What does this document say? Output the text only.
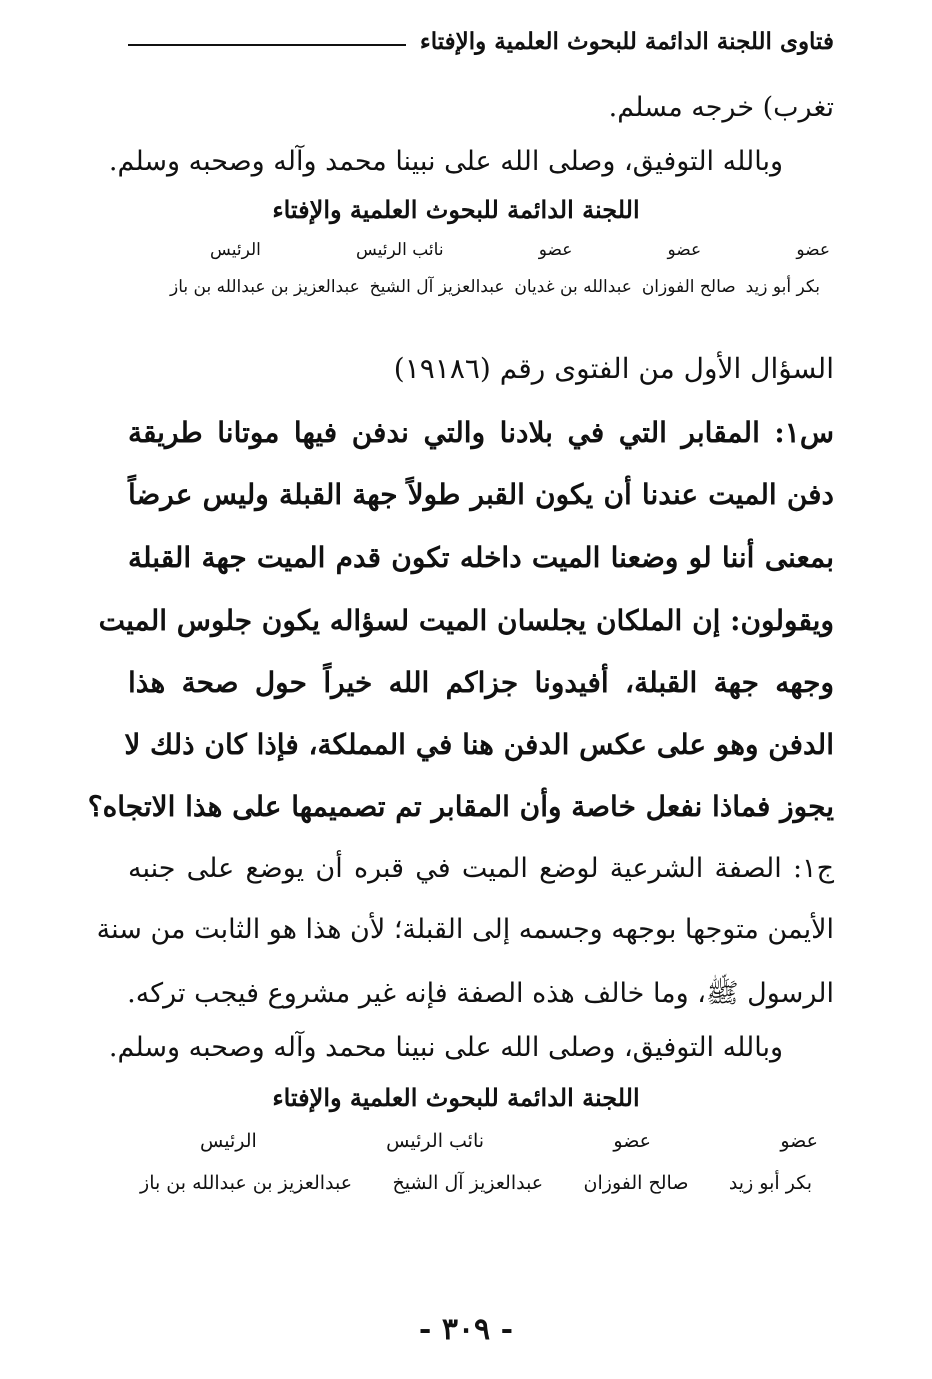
فتاوى اللجنة الدائمة للبحوث العلمية والإفتاء
تغرب) خرجه مسلم.
وبالله التوفيق، وصلى الله على نبينا محمد وآله وصحبه وسلم.
اللجنة الدائمة للبحوث العلمية والإفتاء
عضو
عضو
عضو
نائب الرئيس
الرئيس
بكر أبو زيد
صالح الفوزان
عبدالله بن غديان
عبدالعزيز آل الشيخ
عبدالعزيز بن عبدالله بن باز
السؤال الأول من الفتوى رقم (١٩١٨٦)
س١: المقابر التي في بلادنا والتي ندفن فيها موتانا طريقة
دفن الميت عندنا أن يكون القبر طولاً جهة القبلة وليس عرضاً
بمعنى أننا لو وضعنا الميت داخله تكون قدم الميت جهة القبلة
ويقولون: إن الملكان يجلسان الميت لسؤاله يكون جلوس الميت
وجهه جهة القبلة، أفيدونا جزاكم الله خيراً حول صحة هذا
الدفن وهو على عكس الدفن هنا في المملكة، فإذا كان ذلك لا
يجوز فماذا نفعل خاصة وأن المقابر تم تصميمها على هذا الاتجاه؟
ج١: الصفة الشرعية لوضع الميت في قبره أن يوضع على جنبه
الأيمن متوجها بوجهه وجسمه إلى القبلة؛ لأن هذا هو الثابت من سنة
الرسول ﷺ، وما خالف هذه الصفة فإنه غير مشروع فيجب تركه.
وبالله التوفيق، وصلى الله على نبينا محمد وآله وصحبه وسلم.
اللجنة الدائمة للبحوث العلمية والإفتاء
عضو
عضو
نائب الرئيس
الرئيس
بكر أبو زيد
صالح الفوزان
عبدالعزيز آل الشيخ
عبدالعزيز بن عبدالله بن باز
- ٣٠٩ -
